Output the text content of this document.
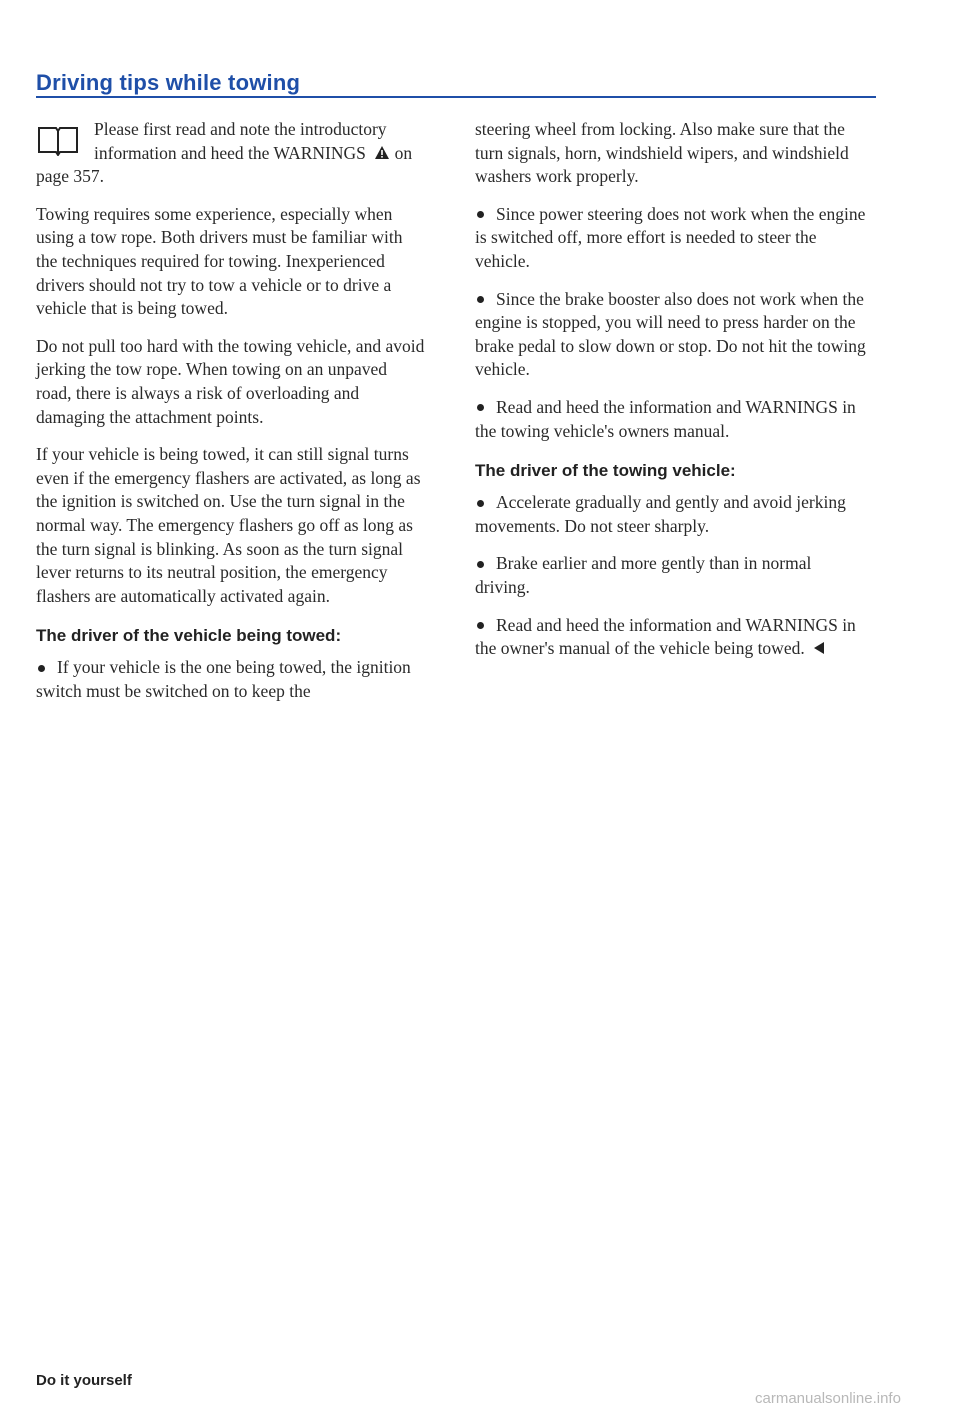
Driving tips while towing

Please first read and note the introductory information and heed the WARNINGS on page 357.

Towing requires some experience, especially when using a tow rope. Both drivers must be familiar with the techniques required for towing. Inexperienced drivers should not try to tow a vehicle or to drive a vehicle that is being towed.

Do not pull too hard with the towing vehicle, and avoid jerking the tow rope. When towing on an unpaved road, there is always a risk of overloading and damaging the attachment points.

If your vehicle is being towed, it can still signal turns even if the emergency flashers are activated, as long as the ignition is switched on. Use the turn signal in the normal way. The emergency flashers go off as long as the turn signal is blinking. As soon as the turn signal lever returns to its neutral position, the emergency flashers are automatically activated again.

The driver of the vehicle being towed:

If your vehicle is the one being towed, the ignition switch must be switched on to keep the

steering wheel from locking. Also make sure that the turn signals, horn, windshield wipers, and windshield washers work properly.

Since power steering does not work when the engine is switched off, more effort is needed to steer the vehicle.

Since the brake booster also does not work when the engine is stopped, you will need to press harder on the brake pedal to slow down or stop. Do not hit the towing vehicle.

Read and heed the information and WARNINGS in the towing vehicle's owners manual.

The driver of the towing vehicle:

Accelerate gradually and gently and avoid jerking movements. Do not steer sharply.

Brake earlier and more gently than in normal driving.

Read and heed the information and WARNINGS in the owner's manual of the vehicle being towed.

Do it yourself
carmanualsonline.info
